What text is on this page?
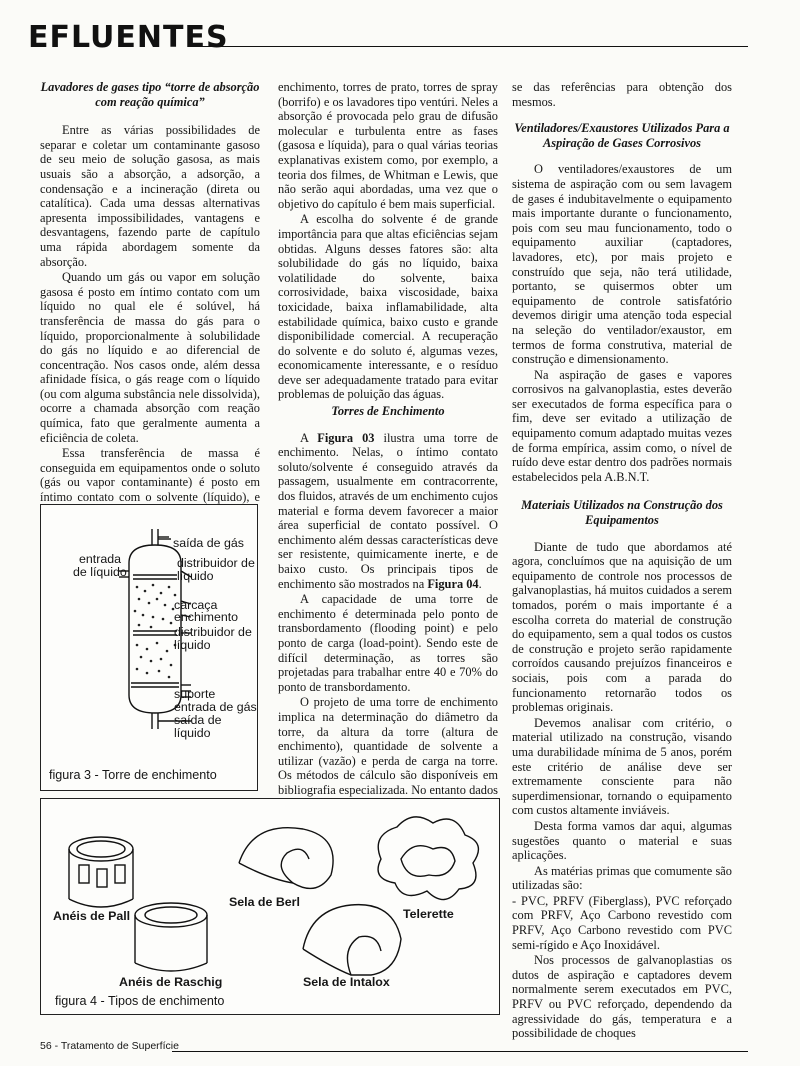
EFLUENTES
Lavadores de gases tipo “torre de absorção com reação química”

Entre as várias possibilidades de separar e coletar um contaminante gasoso de seu meio de solução gasosa, as mais usuais são a absorção, a adsorção, a condensação e a incineração (direta ou catalítica). Cada uma dessas alternativas apresenta impossibilidades, vantagens e desvantagens, fazendo parte de capítulo uma rápida abordagem somente da absorção.

Quando um gás ou vapor em solução gasosa é posto em íntimo contato com um líquido no qual ele é solúvel, há transferência de massa do gás para o líquido, proporcionalmente à solubilidade do gás no líquido e ao diferencial de concentração. Nos casos onde, além dessa afinidade física, o gás reage com o líquido (ou com alguma substância nele dissolvida), ocorre a chamada absorção com reação química, fato que geralmente aumenta a eficiência de coleta.

Essa transferência de massa é conseguida em equipamentos onde o soluto (gás ou vapor contaminante) é posto em íntimo contato com o solvente (líquido), e

saída de gás
entrada
de líquido
distribuidor de
líquido
carcaça
enchimento
distribuidor de
líquido
suporte
entrada de gás
saída de líquido
figura 3 - Torre de enchimento

enchimento, torres de prato, torres de spray (borrifo) e os lavadores tipo ventúri. Neles a absorção é provocada pelo grau de difusão molecular e turbulenta entre as fases (gasosa e líquida), para o qual várias teorias explanativas existem como, por exemplo, a teoria dos filmes, de Whitman e Lewis, que não serão aqui abordadas, uma vez que o objetivo do capítulo é bem mais superficial.

A escolha do solvente é de grande importância para que altas eficiências sejam obtidas. Alguns desses fatores são: alta solubilidade do gás no líquido, baixa volatilidade do solvente, baixa corrosividade, baixa viscosidade, baixa toxicidade, baixa inflamabilidade, alta estabilidade química, baixo custo e grande disponibilidade comercial. A recuperação do solvente e do soluto é, algumas vezes, economicamente interessante, e o resíduo deve ser adequadamente tratado para evitar problemas de poluição das águas.

Torres de Enchimento

A Figura 03 ilustra uma torre de enchimento. Nelas, o íntimo contato soluto/solvente é conseguido através da passagem, usualmente em contracorrente, dos fluidos, através de um enchimento cujos material e forma devem favorecer a maior área superficial de contato possível. O enchimento além dessas características deve ser resistente, quimicamente inerte, e de baixo custo. Os principais tipos de enchimento são mostrados na Figura 04.

A capacidade de uma torre de enchimento é determinada pelo ponto de transbordamento (flooding point) e pelo ponto de carga (load-point). Sendo este de difícil determinação, as torres são projetadas para trabalhar entre 40 e 70% do ponto de transbordamento.

O projeto de uma torre de enchimento implica na determinação do diâmetro da torre, da altura da torre (altura de enchimento), quantidade de solvente a utilizar (vazão) e perda de carga na torre. Os métodos de cálculo são disponíveis em bibliografia especializada. No entanto dados

se das referências para obtenção dos mesmos.

Ventiladores/Exaustores Utilizados Para a Aspiração de Gases Corrosivos

O ventiladores/exaustores de um sistema de aspiração com ou sem lavagem de gases é indubitavelmente o equipamento mais importante durante o funcionamento, pois com seu mau funcionamento, todo o equipamento auxiliar (captadores, lavadores, etc), por mais projeto e construído que seja, não terá utilidade, portanto, se quisermos obter um equipamento de controle satisfatório devemos dirigir uma atenção toda especial na seleção do ventilador/exaustor, em termos de forma construtiva, material de construção e dimensionamento.

Na aspiração de gases e vapores corrosivos na galvanoplastia, estes deverão ser executados de forma específica para o fim, deve ser evitado a utilização de equipamento comum adaptado muitas vezes de forma empírica, assim como, o nível de ruído deve estar dentro dos padrões normais estabelecidos pela A.B.N.T.

Materiais Utilizados na Construção dos Equipamentos

Diante de tudo que abordamos até agora, concluímos que na aquisição de um equipamento de controle nos processos de galvanoplastias, há muitos cuidados a serem tomados, porém o mais importante é a escolha correta do material de construção do equipamento, sem a qual todos os custos de construção e projeto serão rapidamente corroídos causando prejuízos financeiros e sociais, pois com a parada do funcionamento retornarão todos os problemas originais.

Devemos analisar com critério, o material utilizado na construção, visando uma durabilidade mínima de 5 anos, porém este critério de análise deve ser extremamente consciente para não superdimensionar, tornando o equipamento com custos altamente inviáveis.

Desta forma vamos dar aqui, algumas sugestões quanto o material e suas aplicações.

As matérias primas que comumente são utilizadas são:

- PVC, PRFV (Fiberglass), PVC reforçado com PRFV, Aço Carbono revestido com PRFV, Aço Carbono revestido com PVC semi-rígido e Aço Inoxidável.

Nos processos de galvanoplastias os dutos de aspiração e captadores devem normalmente serem executados em PVC, PRFV ou PVC reforçado, dependendo da agressividade do gás, temperatura e a possibilidade de choques

Anéis de Pall
Sela de Berl
Telerette
Anéis de Raschig	Sela de Intalox
figura 4 - Tipos de enchimento
56 - Tratamento de Superfície
